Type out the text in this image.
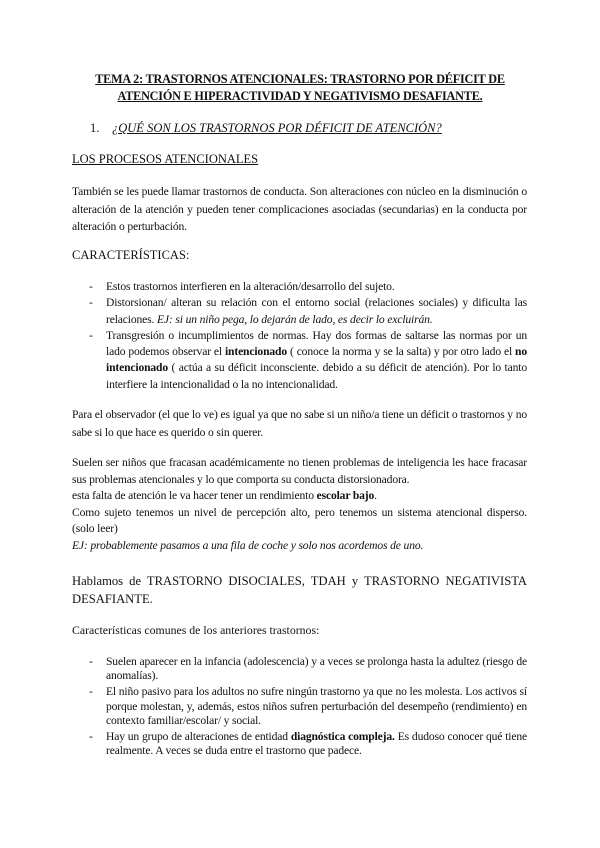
TEMA 2: TRASTORNOS ATENCIONALES: TRASTORNO POR DÉFICIT DE ATENCIÓN E HIPERACTIVIDAD Y NEGATIVISMO DESAFIANTE.
1. ¿QUÉ SON LOS TRASTORNOS POR DÉFICIT DE ATENCIÓN?
LOS PROCESOS ATENCIONALES
También se les puede llamar trastornos de conducta. Son alteraciones con núcleo en la disminución o alteración de la atención y pueden tener complicaciones asociadas (secundarias) en la conducta por alteración o perturbación.
CARACTERÍSTICAS:
- Estos trastornos interfieren en la alteración/desarrollo del sujeto.
- Distorsionan/ alteran su relación con el entorno social (relaciones sociales) y dificulta las relaciones. EJ: si un niño pega, lo dejarán de lado, es decir lo excluirán.
- Transgresión o incumplimientos de normas. Hay dos formas de saltarse las normas por un lado podemos observar el intencionado ( conoce la norma y se la salta) y por otro lado el no intencionado ( actúa a su déficit inconsciente. debido a su déficit de atención). Por lo tanto interfiere la intencionalidad o la no intencionalidad.
Para el observador (el que lo ve) es igual ya que no sabe si un niño/a tiene un déficit o trastornos y no sabe si lo que hace es querido o sin querer.

Suelen ser niños que fracasan académicamente no tienen problemas de inteligencia les hace fracasar sus problemas atencionales y lo que comporta su conducta distorsionadora.

esta falta de atención le va hacer tener un rendimiento escolar bajo.

Como sujeto tenemos un nivel de percepción alto, pero tenemos un sistema atencional disperso. (solo leer)

EJ: probablemente pasamos a una fila de coche y solo nos acordemos de uno.

Hablamos de TRASTORNO DISOCIALES, TDAH y TRASTORNO NEGATIVISTA DESAFIANTE.
Características comunes de los anteriores trastornos:
- Suelen aparecer en la infancia (adolescencia) y a veces se prolonga hasta la adultez (riesgo de anomalías).
- El niño pasivo para los adultos no sufre ningún trastorno ya que no les molesta. Los activos sí porque molestan, y, además, estos niños sufren perturbación del desempeño (rendimiento) en contexto familiar/escolar/ y social.
- Hay un grupo de alteraciones de entidad diagnóstica compleja. Es dudoso conocer qué tiene realmente. A veces se duda entre el trastorno que padece.
